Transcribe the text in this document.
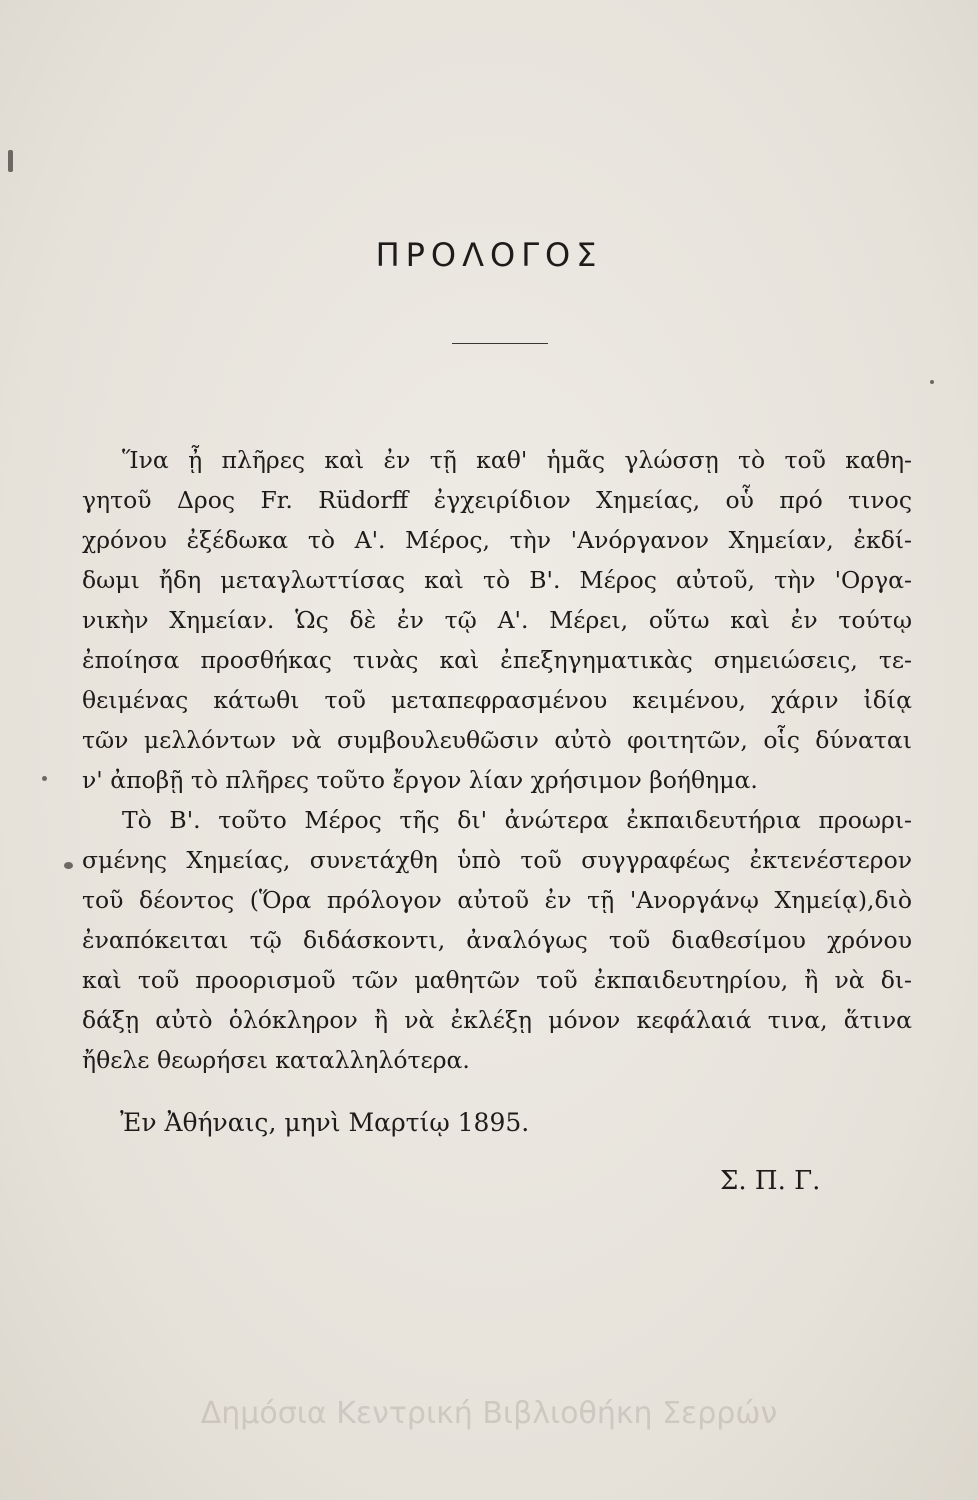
ΠΡΟΛΟΓΟΣ
Ἵνα ᾖ πλῆρες καὶ ἐν τῇ καθ' ἡμᾶς γλώσσῃ τὸ τοῦ καθη-
γητοῦ Δρος Fr. Rüdorff ἐγχειρίδιον Χημείας, οὗ πρό τινος
χρόνου ἐξέδωκα τὸ Α'. Μέρος, τὴν 'Ανόργανον Χημείαν, ἐκδί-
δωμι ἤδη μεταγλωττίσας καὶ τὸ Β'. Μέρος αὐτοῦ, τὴν 'Οργα-
νικὴν Χημείαν. Ὡς δὲ ἐν τῷ Α'. Μέρει, οὕτω καὶ ἐν τούτῳ
ἐποίησα προσθήκας τινὰς καὶ ἐπεξηγηματικὰς σημειώσεις, τε-
θειμένας κάτωθι τοῦ μεταπεφρασμένου κειμένου, χάριν ἰδίᾳ
τῶν μελλόντων νὰ συμβουλευθῶσιν αὐτὸ φοιτητῶν, οἷς δύναται
ν' ἀποβῇ τὸ πλῆρες τοῦτο ἔργον λίαν χρήσιμον βοήθημα.
Τὸ Β'. τοῦτο Μέρος τῆς δι' ἀνώτερα ἐκπαιδευτήρια προωρι-
σμένης Χημείας, συνετάχθη ὑπὸ τοῦ συγγραφέως ἐκτενέστερον
τοῦ δέοντος (Ὅρα πρόλογον αὐτοῦ ἐν τῇ 'Ανοργάνῳ Χημείᾳ),διὸ
ἐναπόκειται τῷ διδάσκοντι, ἀναλόγως τοῦ διαθεσίμου χρόνου
καὶ τοῦ προορισμοῦ τῶν μαθητῶν τοῦ ἐκπαιδευτηρίου, ἢ νὰ δι-
δάξῃ αὐτὸ ὁλόκληρον ἢ νὰ ἐκλέξῃ μόνον κεφάλαιά τινα, ἅτινα
ἤθελε θεωρήσει καταλληλότερα.
Ἐν Ἀθήναις, μηνὶ Μαρτίῳ 1895.
Σ. Π. Γ.
Δημόσια Κεντρική Βιβλιοθήκη Σερρών
